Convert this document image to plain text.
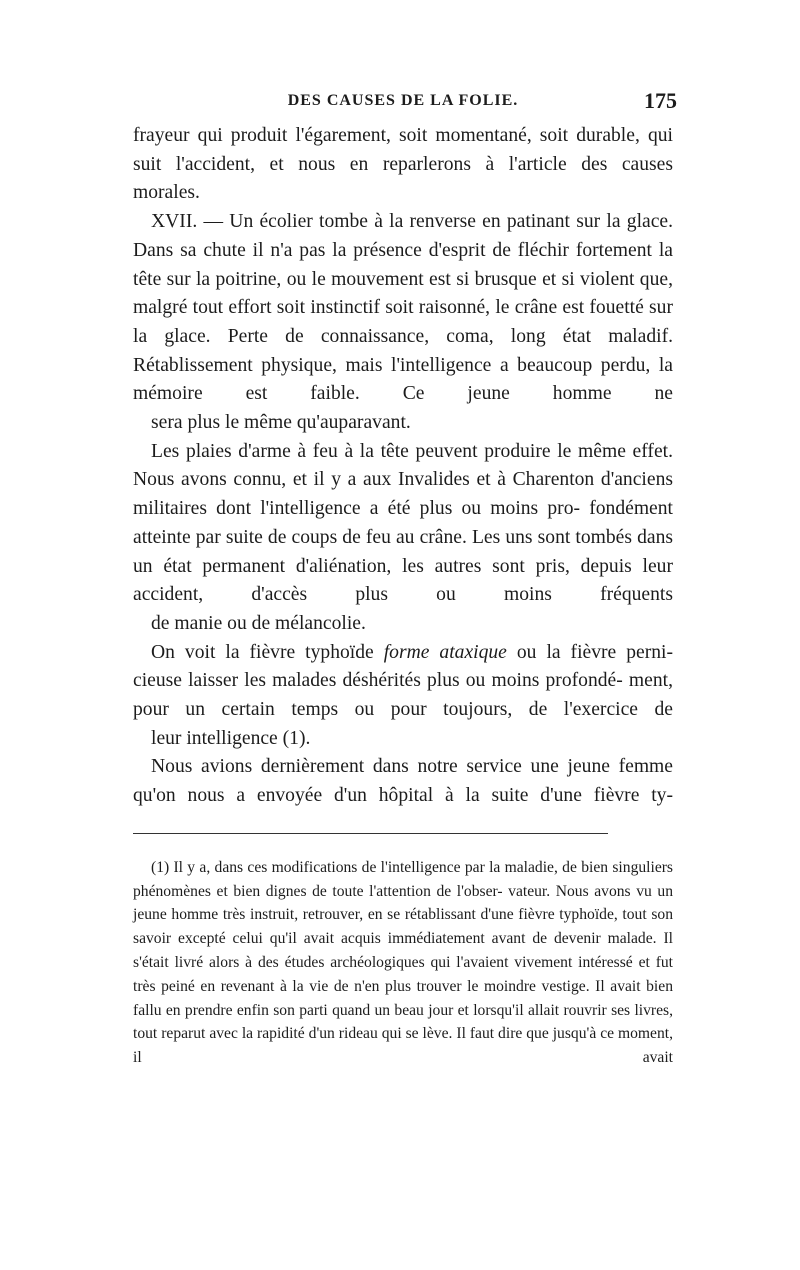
DES CAUSES DE LA FOLIE.	175

frayeur qui produit l'égarement, soit momentané, soit durable, qui suit l'accident, et nous en reparlerons à l'article des causes
morales.

XVII. — Un écolier tombe à la renverse en patinant sur la glace. Dans sa chute il n'a pas la présence d'esprit de fléchir fortement la tête sur la poitrine, ou le mouvement est si brusque et si violent que, malgré tout effort soit instinctif soit raisonné, le crâne est fouetté sur la glace. Perte de connaissance, coma, long état maladif. Rétablissement physique, mais l'intelligence a beaucoup perdu, la mémoire est faible. Ce jeune homme ne
sera plus le même qu'auparavant.

Les plaies d'arme à feu à la tête peuvent produire le même effet. Nous avons connu, et il y a aux Invalides et à Charenton d'anciens militaires dont l'intelligence a été plus ou moins pro- fondément atteinte par suite de coups de feu au crâne. Les uns sont tombés dans un état permanent d'aliénation, les autres sont pris, depuis leur accident, d'accès plus ou moins fréquents
de manie ou de mélancolie.

On voit la fièvre typhoïde forme ataxique ou la fièvre perni- cieuse laisser les malades déshérités plus ou moins profondé- ment, pour un certain temps ou pour toujours, de l'exercice de
leur intelligence (1).

Nous avions dernièrement dans notre service une jeune femme qu'on nous a envoyée d'un hôpital à la suite d'une fièvre ty-

(1) Il y a, dans ces modifications de l'intelligence par la maladie, de bien singuliers phénomènes et bien dignes de toute l'attention de l'obser- vateur. Nous avons vu un jeune homme très instruit, retrouver, en se rétablissant d'une fièvre typhoïde, tout son savoir excepté celui qu'il avait acquis immédiatement avant de devenir malade. Il s'était livré alors à des études archéologiques qui l'avaient vivement intéressé et fut très peiné en revenant à la vie de n'en plus trouver le moindre vestige. Il avait bien fallu en prendre enfin son parti quand un beau jour et lorsqu'il allait rouvrir ses livres, tout reparut avec la rapidité d'un rideau qui se lève. Il faut dire que jusqu'à ce moment, il avait
